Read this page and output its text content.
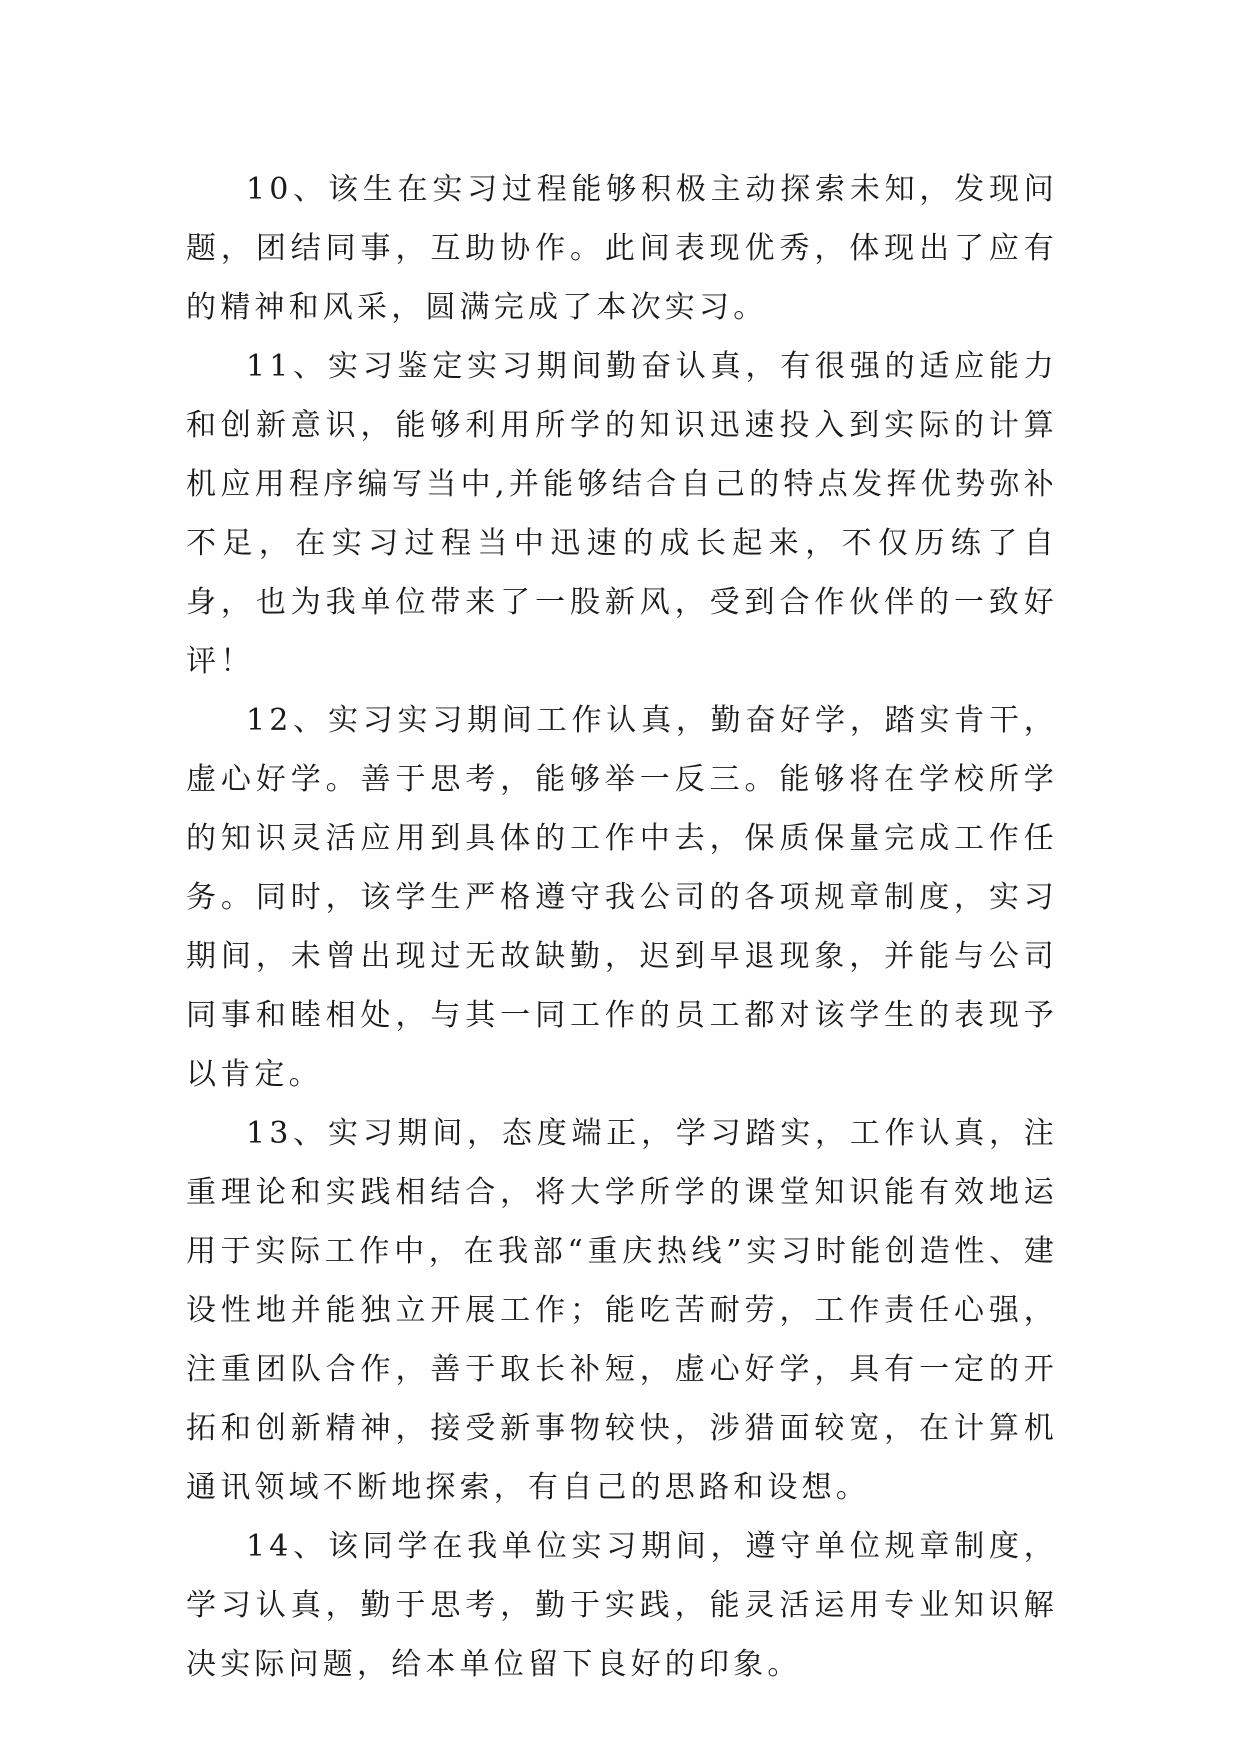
10、该生在实习过程能够积极主动探索未知，发现问题，团结同事，互助协作。此间表现优秀，体现出了应有的精神和风采，圆满完成了本次实习。

11、实习鉴定实习期间勤奋认真，有很强的适应能力和创新意识，能够利用所学的知识迅速投入到实际的计算机应用程序编写当中,并能够结合自己的特点发挥优势弥补不足，在实习过程当中迅速的成长起来，不仅历练了自身，也为我单位带来了一股新风，受到合作伙伴的一致好评！

12、实习实习期间工作认真，勤奋好学，踏实肯干，虚心好学。善于思考，能够举一反三。能够将在学校所学的知识灵活应用到具体的工作中去，保质保量完成工作任务。同时，该学生严格遵守我公司的各项规章制度，实习期间，未曾出现过无故缺勤，迟到早退现象，并能与公司同事和睦相处，与其一同工作的员工都对该学生的表现予以肯定。

13、实习期间，态度端正，学习踏实，工作认真，注重理论和实践相结合，将大学所学的课堂知识能有效地运用于实际工作中，在我部“重庆热线”实习时能创造性、建设性地并能独立开展工作；能吃苦耐劳，工作责任心强，注重团队合作，善于取长补短，虚心好学，具有一定的开拓和创新精神，接受新事物较快，涉猎面较宽，在计算机通讯领域不断地探索，有自己的思路和设想。

14、该同学在我单位实习期间，遵守单位规章制度，学习认真，勤于思考，勤于实践，能灵活运用专业知识解决实际问题，给本单位留下良好的印象。
